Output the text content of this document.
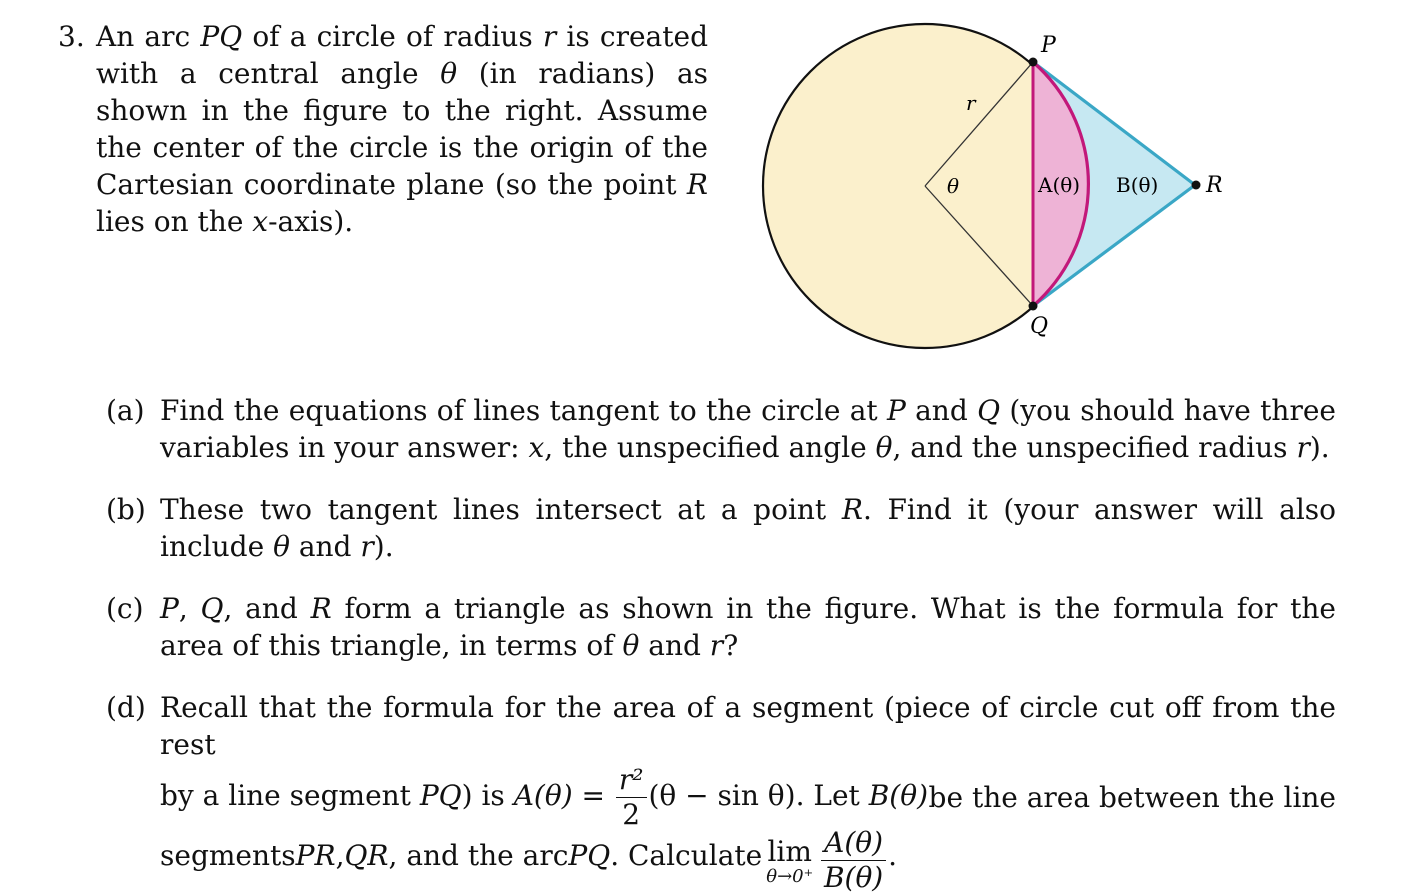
3. An arc PQ of a circle of radius r is created with a central angle θ (in radians) as shown in the figure to the right. Assume the center of the circle is the origin of the Cartesian coordinate plane (so the point R lies on the x-axis).
P
Q
R
r
θ	A(θ) B(θ)
(a) Find the equations of lines tangent to the circle at P and Q (you should have three variables in your answer: x, the unspecified angle θ, and the unspecified radius r).
(b) These two tangent lines intersect at a point R. Find it (your answer will also include θ and r).
(c) P, Q, and R form a triangle as shown in the figure. What is the formula for the area of this triangle, in terms of θ and r?
(d) Recall that the formula for the area of a segment (piece of circle cut off from the rest
by a line segment PQ) is $A(\theta) = \frac{\text{r²}}{2} (\theta - \sin \theta)$. Let B(θ) be the area between the line
segments PR , QR , and the arc PQ . Calculate lim
$\theta\to 0^+ \frac{A(\theta)}{B(\theta)}$ .
